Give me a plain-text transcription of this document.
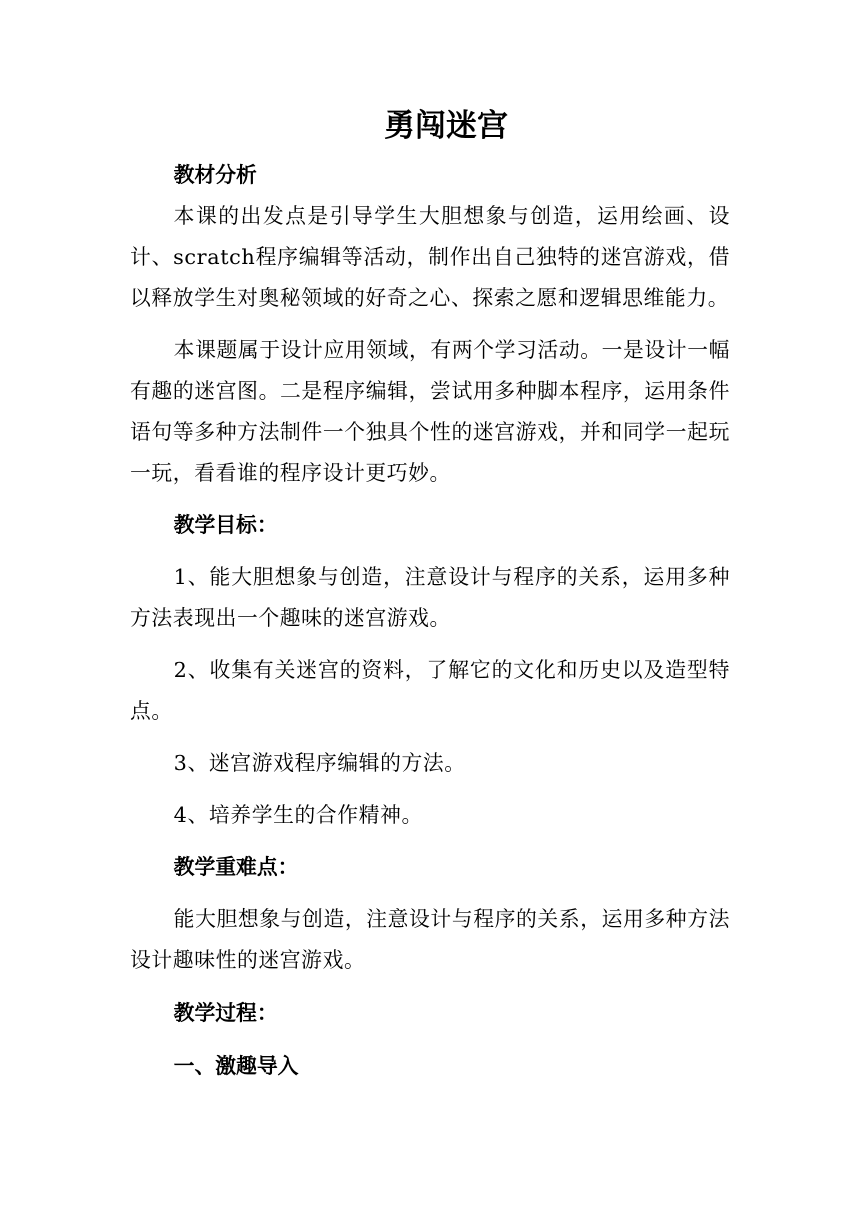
勇闯迷宫

教材分析

本课的出发点是引导学生大胆想象与创造，运用绘画、设计、scratch程序编辑等活动，制作出自己独特的迷宫游戏，借以释放学生对奥秘领域的好奇之心、探索之愿和逻辑思维能力。

本课题属于设计应用领域，有两个学习活动。一是设计一幅有趣的迷宫图。二是程序编辑，尝试用多种脚本程序，运用条件语句等多种方法制件一个独具个性的迷宫游戏，并和同学一起玩一玩，看看谁的程序设计更巧妙。

教学目标：

1、能大胆想象与创造，注意设计与程序的关系，运用多种方法表现出一个趣味的迷宫游戏。

2、收集有关迷宫的资料，了解它的文化和历史以及造型特点。

3、迷宫游戏程序编辑的方法。

4、培养学生的合作精神。

教学重难点：

能大胆想象与创造，注意设计与程序的关系，运用多种方法设计趣味性的迷宫游戏。

教学过程：

一、激趣导入
